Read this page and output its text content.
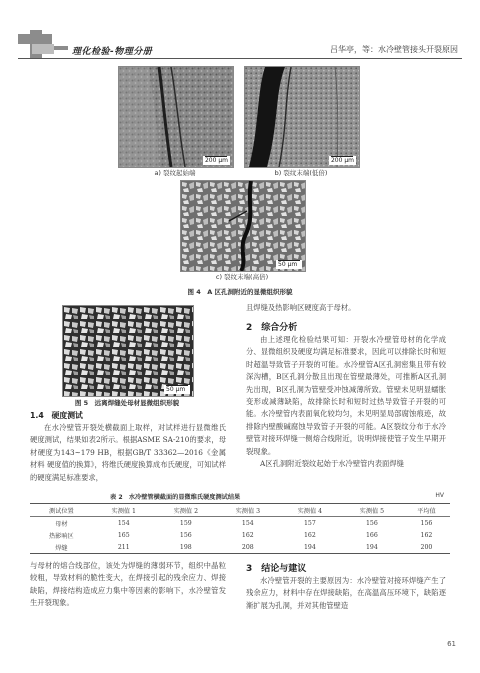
理化检验-物理分册	吕华亭，等：水冷壁管接头开裂原因
200 μm
a) 裂纹起始端
200 μm
b) 裂纹末端(低倍)
50 μm
c) 裂纹末端(高倍)
图 4　A 区孔洞附近的显微组织形貌
50 μm
图 5　远离焊缝处母材显微组织形貌
1.4　硬度测试

在水冷壁管开裂处横截面上取样，对试样进行显微维氏硬度测试，结果如表2所示。根据ASME SA-210的要求，母材硬度为143~179 HB，根据GB/T 33362—2016《金属材料 硬度值的换算》，将维氏硬度换算成布氏硬度，可知试样的硬度满足标准要求，

且焊缝及热影响区硬度高于母材。

2　综合分析

由上述理化检验结果可知：开裂水冷壁管母材的化学成分、显微组织及硬度均满足标准要求，因此可以排除长时和短时超温导致管子开裂的可能。水冷壁管A区孔洞密集且带有较深沟槽，B区孔洞分散且出现在管壁最薄处，可推断A区孔洞先出现，B区孔洞为管壁受冲蚀减薄所致。管壁未见明显蠕胀变形或减薄缺陷，故排除长时和短时过热导致管子开裂的可能。水冷壁管内表面氧化较均匀，未见明显局部腐蚀痕迹，故排除内壁酸碱腐蚀导致管子开裂的可能。A区裂纹分布于水冷壁管对接环焊缝一侧熔合线附近，说明焊接使管子发生早期开裂现象。

A区孔洞附近裂纹起始于水冷壁管内表面焊缝

表 2　水冷壁管横截面的显微维氏硬度测试结果	HV
测试位置	实测值 1	实测值 2	实测值 3	实测值 4	实测值 5	平均值
母材	154	159	154	157	156	156
热影响区	165	156	162	162	166	162
焊缝	211	198	208	194	194	200

与母材的熔合线部位，该处为焊缝的薄弱环节，组织中晶粒较粗，导致材料的脆性变大，在焊接引起的残余应力、焊接缺陷，焊接结构造成应力集中等因素的影响下，水冷壁管发生开裂现象。

3　结论与建议

水冷壁管开裂的主要原因为：水冷壁管对接环焊缝产生了残余应力，材料中存在焊接缺陷，在高温高压环境下，缺陷逐渐扩展为孔洞，并对其他管壁造

61
